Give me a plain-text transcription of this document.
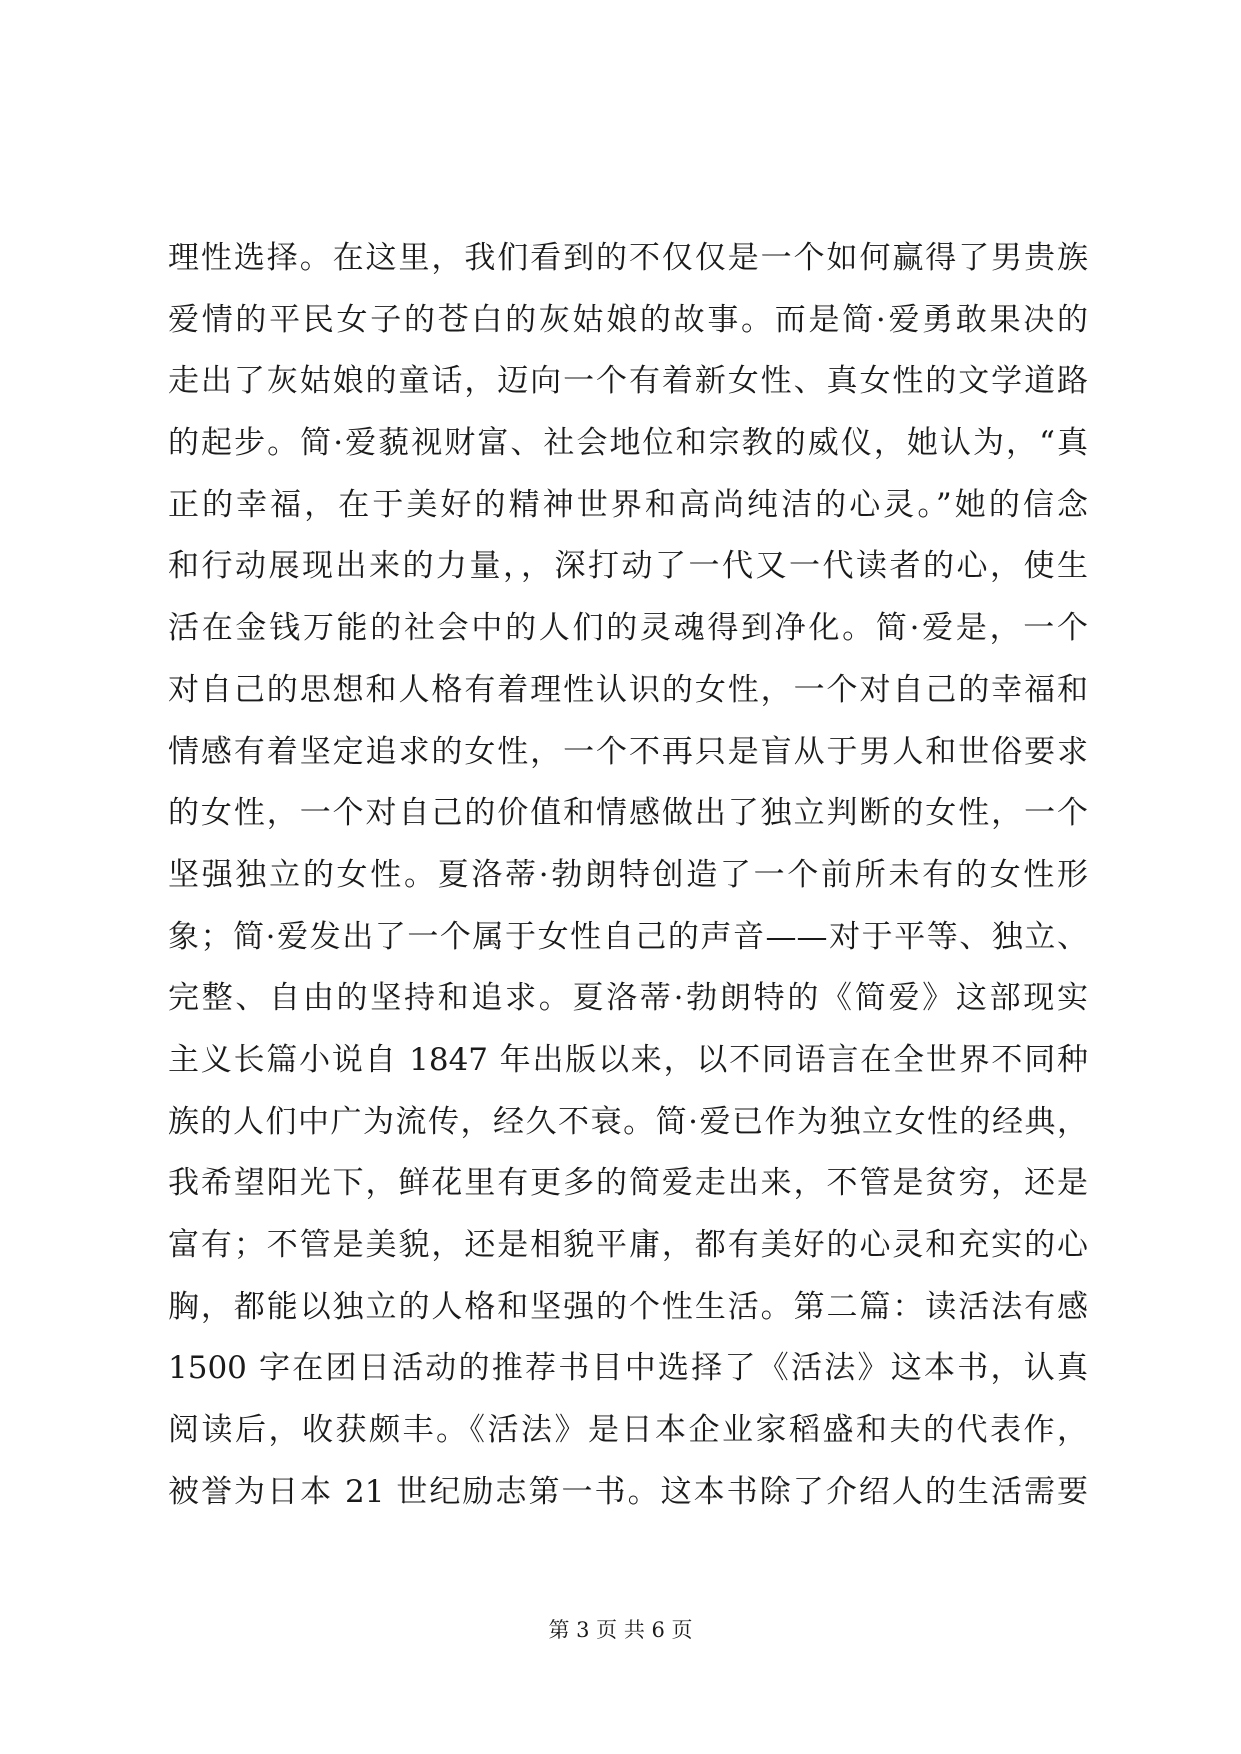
理性选择。在这里，我们看到的不仅仅是一个如何赢得了男贵族
爱情的平民女子的苍白的灰姑娘的故事。而是简·爱勇敢果决的
走出了灰姑娘的童话，迈向一个有着新女性、真女性的文学道路
的起步。简·爱藐视财富、社会地位和宗教的威仪，她认为，“真
正的幸福，在于美好的精神世界和高尚纯洁的心灵。”她的信念
和行动展现出来的力量，，深打动了一代又一代读者的心，使生
活在金钱万能的社会中的人们的灵魂得到净化。简·爱是，一个
对自己的思想和人格有着理性认识的女性，一个对自己的幸福和
情感有着坚定追求的女性，一个不再只是盲从于男人和世俗要求
的女性，一个对自己的价值和情感做出了独立判断的女性，一个
坚强独立的女性。夏洛蒂·勃朗特创造了一个前所未有的女性形
象；简·爱发出了一个属于女性自己的声音——对于平等、独立、
完整、自由的坚持和追求。夏洛蒂·勃朗特的《简爱》这部现实
主义长篇小说自 1847 年出版以来，以不同语言在全世界不同种
族的人们中广为流传，经久不衰。简·爱已作为独立女性的经典，
我希望阳光下，鲜花里有更多的简爱走出来，不管是贫穷，还是
富有；不管是美貌，还是相貌平庸，都有美好的心灵和充实的心
胸，都能以独立的人格和坚强的个性生活。第二篇：读活法有感
1500 字在团日活动的推荐书目中选择了《活法》这本书，认真
阅读后，收获颇丰。《活法》是日本企业家稻盛和夫的代表作，
被誉为日本 21 世纪励志第一书。这本书除了介绍人的生活需要
第 3 页 共 6 页
